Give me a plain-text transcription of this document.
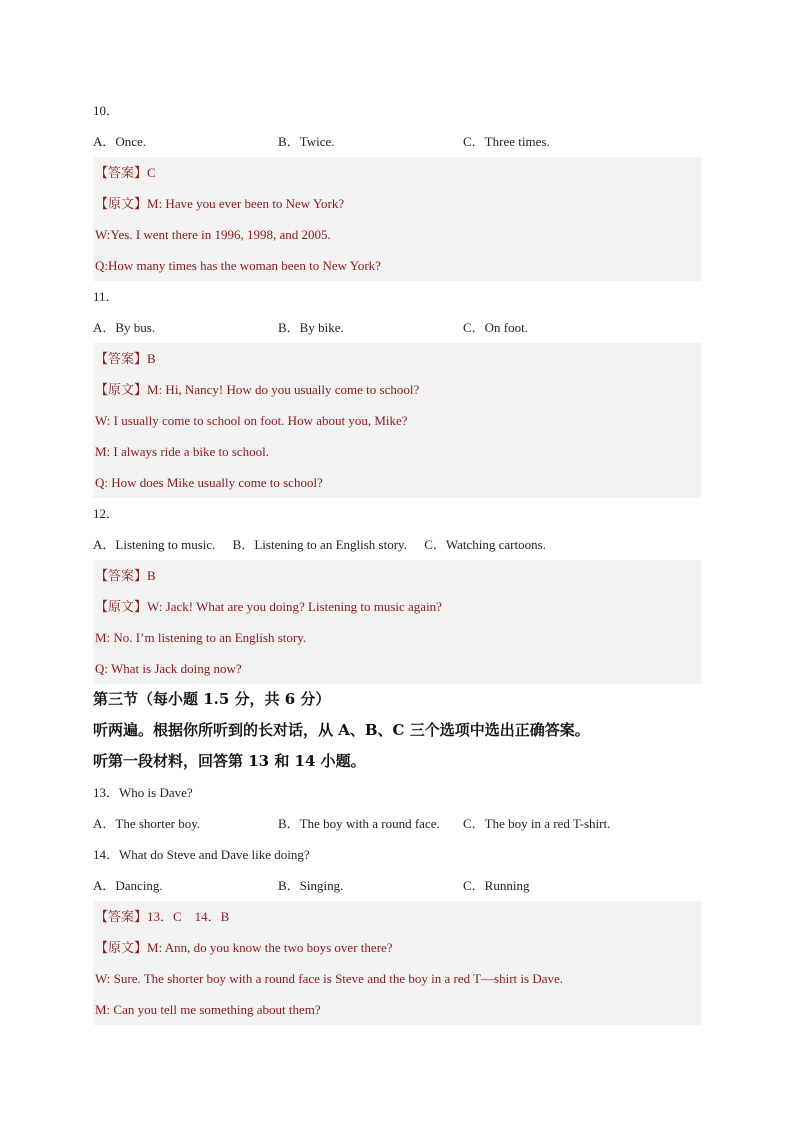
10．
A．Once.	B．Twice.	C．Three times.
【答案】C
【原文】M: Have you ever been to New York?
W:Yes. I went there in 1996, 1998, and 2005.
Q:How many times has the woman been to New York?
11．
A．By bus.	B．By bike.	C．On foot.
【答案】B
【原文】M: Hi, Nancy! How do you usually come to school?
W: I usually come to school on foot. How about you, Mike?
M: I always ride a bike to school.
Q: How does Mike usually come to school?
12．
A．Listening to music. B．Listening to an English story. C．Watching cartoons.
【答案】B
【原文】W: Jack! What are you doing? Listening to music again?
M: No. I’m listening to an English story.
Q: What is Jack doing now?
第三节（每小题 1.5 分，共 6 分）
听两遍。根据你所听到的长对话，从 A、B、C 三个选项中选出正确答案。
听第一段材料，回答第 13 和 14 小题。
13．Who is Dave?
A．The shorter boy.	B．The boy with a round face. C．The boy in a red T-shirt.
14．What do Steve and Dave like doing?
A．Dancing.	B．Singing.	C．Running
【答案】13．C    14．B
【原文】M: Ann, do you know the two boys over there?
W: Sure. The shorter boy with a round face is Steve and the boy in a red T—shirt is Dave.
M: Can you tell me something about them?
